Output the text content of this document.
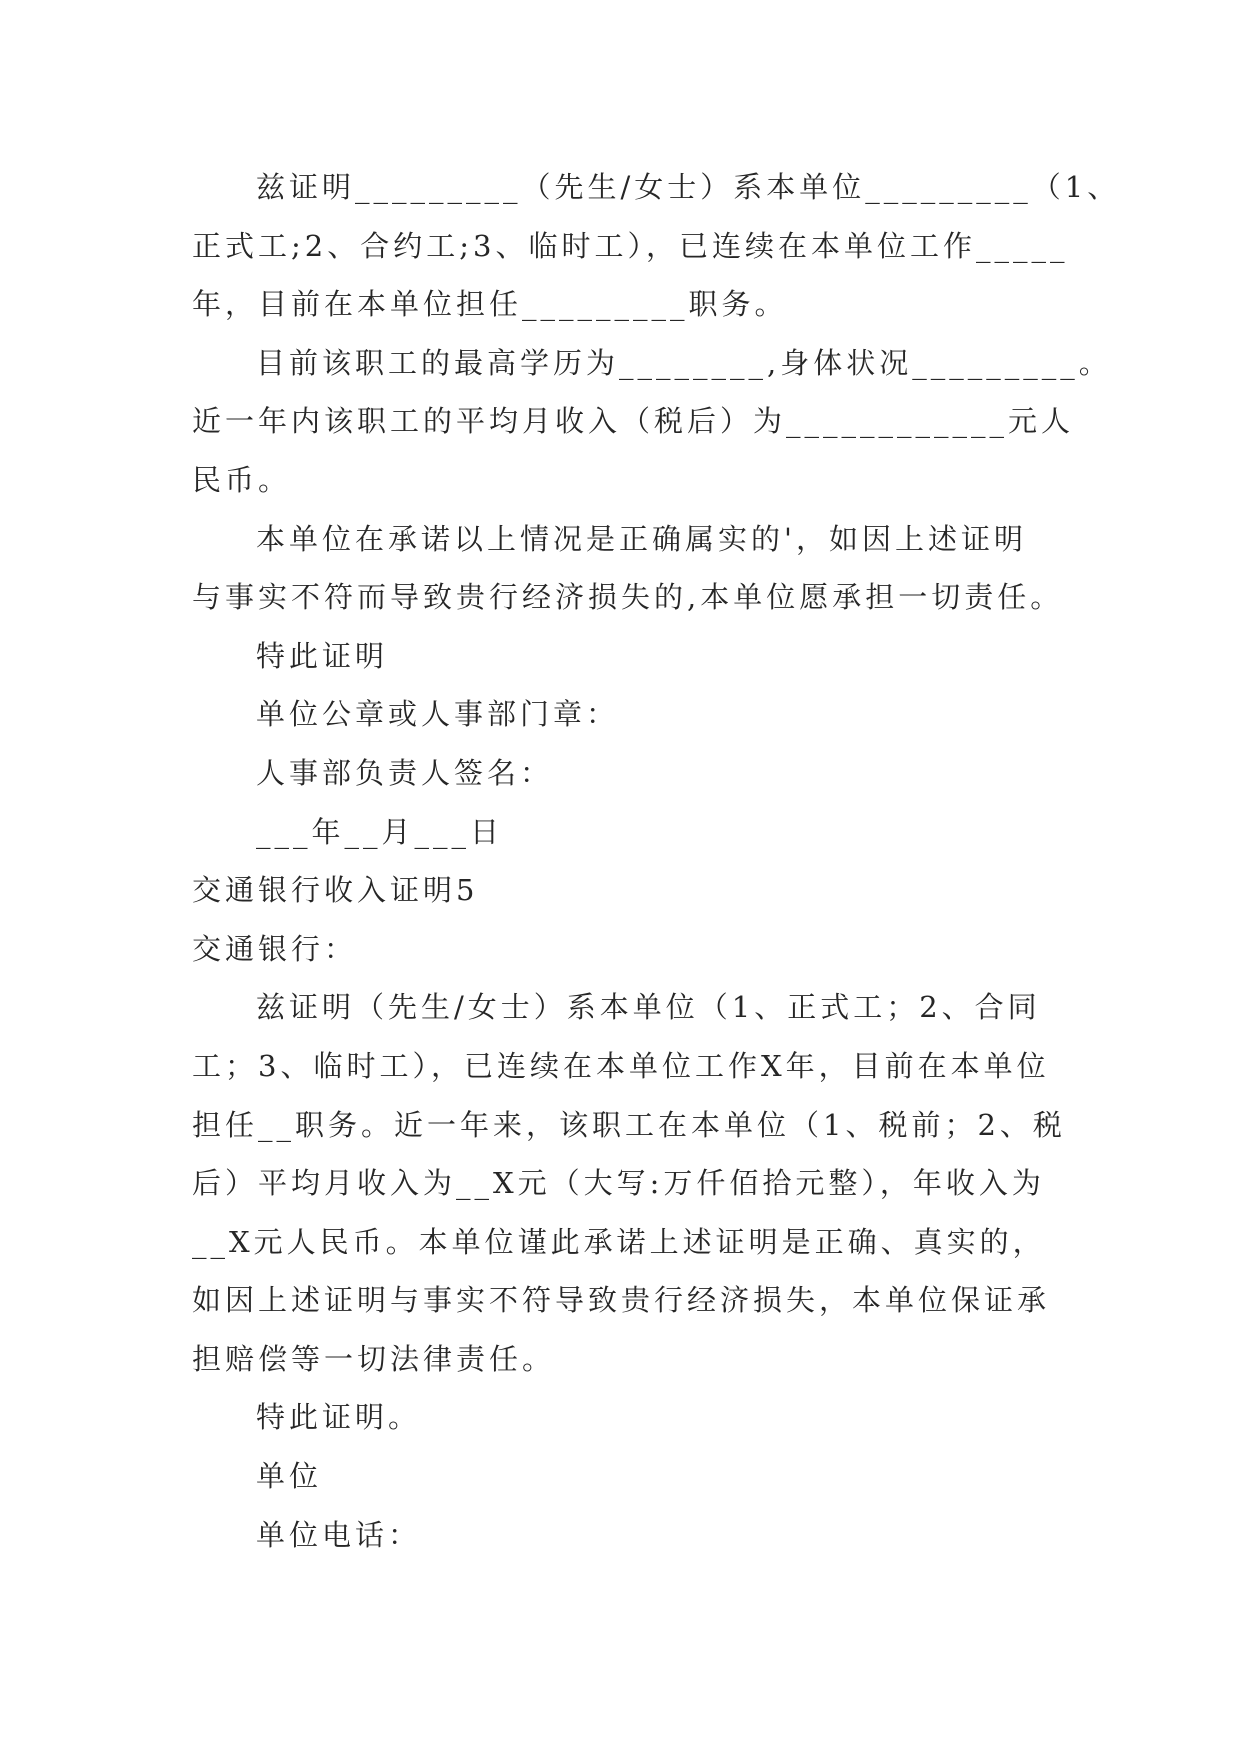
兹证明_________（先生/女士）系本单位_________（1、
正式工;2、合约工;3、临时工），已连续在本单位工作_____
年，目前在本单位担任_________职务。
目前该职工的最高学历为________,身体状况_________。
近一年内该职工的平均月收入（税后）为____________元人
民币。
本单位在承诺以上情况是正确属实的'，如因上述证明
与事实不符而导致贵行经济损失的,本单位愿承担一切责任。
特此证明
单位公章或人事部门章：
人事部负责人签名：
___年__月___日
交通银行收入证明5
交通银行：
兹证明（先生/女士）系本单位（1、正式工；2、合同
工；3、临时工），已连续在本单位工作X年，目前在本单位
担任__职务。近一年来，该职工在本单位（1、税前；2、税
后）平均月收入为__X元（大写:万仟佰拾元整），年收入为
__X元人民币。本单位谨此承诺上述证明是正确、真实的，
如因上述证明与事实不符导致贵行经济损失，本单位保证承
担赔偿等一切法律责任。
特此证明。
单位
单位电话：
